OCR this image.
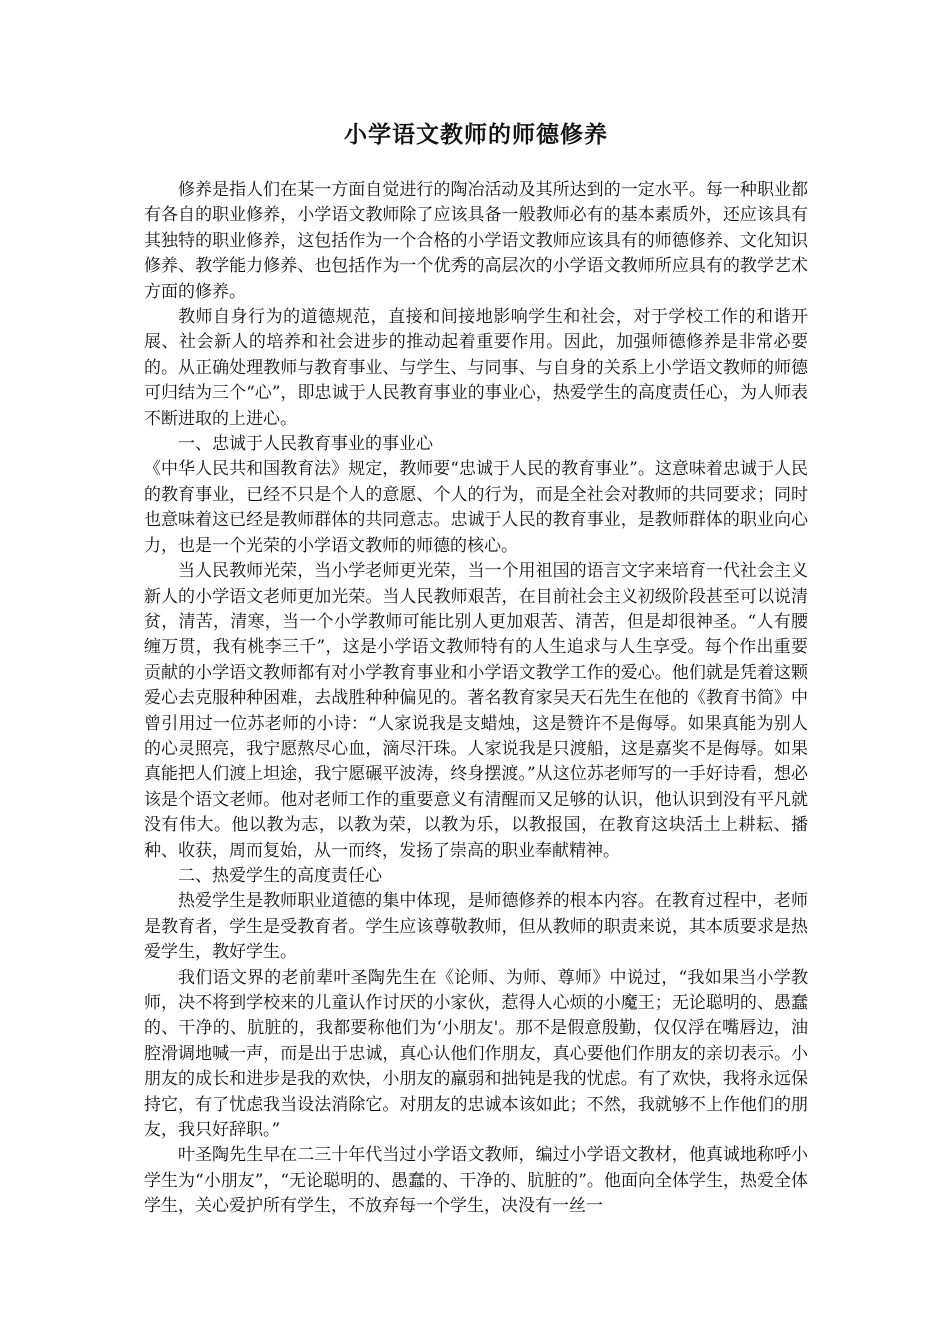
小学语文教师的师德修养

修养是指人们在某一方面自觉进行的陶冶活动及其所达到的一定水平。每一种职业都有各自的职业修养，小学语文教师除了应该具备一般教师必有的基本素质外，还应该具有其独特的职业修养，这包括作为一个合格的小学语文教师应该具有的师德修养、文化知识修养、教学能力修养、也包括作为一个优秀的高层次的小学语文教师所应具有的教学艺术方面的修养。

教师自身行为的道德规范，直接和间接地影响学生和社会，对于学校工作的和谐开展、社会新人的培养和社会进步的推动起着重要作用。因此，加强师德修养是非常必要的。从正确处理教师与教育事业、与学生、与同事、与自身的关系上小学语文教师的师德可归结为三个“心”，即忠诚于人民教育事业的事业心，热爱学生的高度责任心，为人师表不断进取的上进心。

一、忠诚于人民教育事业的事业心

《中华人民共和国教育法》规定，教师要“忠诚于人民的教育事业”。这意味着忠诚于人民的教育事业，已经不只是个人的意愿、个人的行为，而是全社会对教师的共同要求；同时也意味着这已经是教师群体的共同意志。忠诚于人民的教育事业，是教师群体的职业向心力，也是一个光荣的小学语文教师的师德的核心。

当人民教师光荣，当小学老师更光荣，当一个用祖国的语言文字来培育一代社会主义新人的小学语文老师更加光荣。当人民教师艰苦，在目前社会主义初级阶段甚至可以说清贫，清苦，清寒，当一个小学教师可能比别人更加艰苦、清苦，但是却很神圣。“人有腰缠万贯，我有桃李三千”，这是小学语文教师特有的人生追求与人生享受。每个作出重要贡献的小学语文教师都有对小学教育事业和小学语文教学工作的爱心。他们就是凭着这颗爱心去克服种种困难，去战胜种种偏见的。著名教育家吴天石先生在他的《教育书简》中曾引用过一位苏老师的小诗：“人家说我是支蜡烛，这是赞许不是侮辱。如果真能为别人的心灵照亮，我宁愿熬尽心血，滴尽汗珠。人家说我是只渡船，这是嘉奖不是侮辱。如果真能把人们渡上坦途，我宁愿碾平波涛，终身摆渡。”从这位苏老师写的一手好诗看，想必该是个语文老师。他对老师工作的重要意义有清醒而又足够的认识，他认识到没有平凡就没有伟大。他以教为志，以教为荣，以教为乐，以教报国，在教育这块活土上耕耘、播种、收获，周而复始，从一而终，发扬了崇高的职业奉献精神。

二、热爱学生的高度责任心

热爱学生是教师职业道德的集中体现，是师德修养的根本内容。在教育过程中，老师是教育者，学生是受教育者。学生应该尊敬教师，但从教师的职责来说，其本质要求是热爱学生，教好学生。

我们语文界的老前辈叶圣陶先生在《论师、为师、尊师》中说过，“我如果当小学教师，决不将到学校来的儿童认作讨厌的小家伙，惹得人心烦的小魔王；无论聪明的、愚蠢的、干净的、肮脏的，我都要称他们为‘小朋友'。那不是假意殷勤，仅仅浮在嘴唇边，油腔滑调地喊一声，而是出于忠诚，真心认他们作朋友，真心要他们作朋友的亲切表示。小朋友的成长和进步是我的欢快，小朋友的羸弱和拙钝是我的忧虑。有了欢快，我将永远保持它，有了忧虑我当设法消除它。对朋友的忠诚本该如此；不然，我就够不上作他们的朋友，我只好辞职。”

叶圣陶先生早在二三十年代当过小学语文教师，编过小学语文教材，他真诚地称呼小学生为“小朋友”，“无论聪明的、愚蠢的、干净的、肮脏的”。他面向全体学生，热爱全体学生，关心爱护所有学生，不放弃每一个学生，决没有一丝一
